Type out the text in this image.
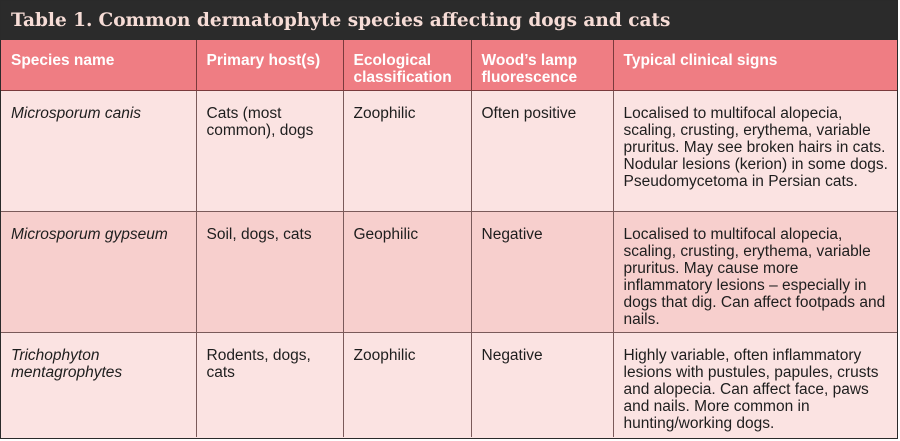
Table 1. Common dermatophyte species affecting dogs and cats
Species name	Primary host(s)	Ecological classification	Wood’s lamp fluorescence	Typical clinical signs
Microsporum canis	Cats (most common), dogs	Zoophilic	Often positive	Localised to multifocal alopecia, scaling, crusting, erythema, variable pruritus. May see broken hairs in cats. Nodular lesions (kerion) in some dogs. Pseudomycetoma in Persian cats.
Microsporum gypseum	Soil, dogs, cats	Geophilic	Negative	Localised to multifocal alopecia, scaling, crusting, erythema, variable pruritus. May cause more inflammatory lesions – especially in dogs that dig. Can affect footpads and nails.
Trichophyton mentagrophytes	Rodents, dogs, cats	Zoophilic	Negative	Highly variable, often inflammatory lesions with pustules, papules, crusts and alopecia. Can affect face, paws and nails. More common in hunting/working dogs.
